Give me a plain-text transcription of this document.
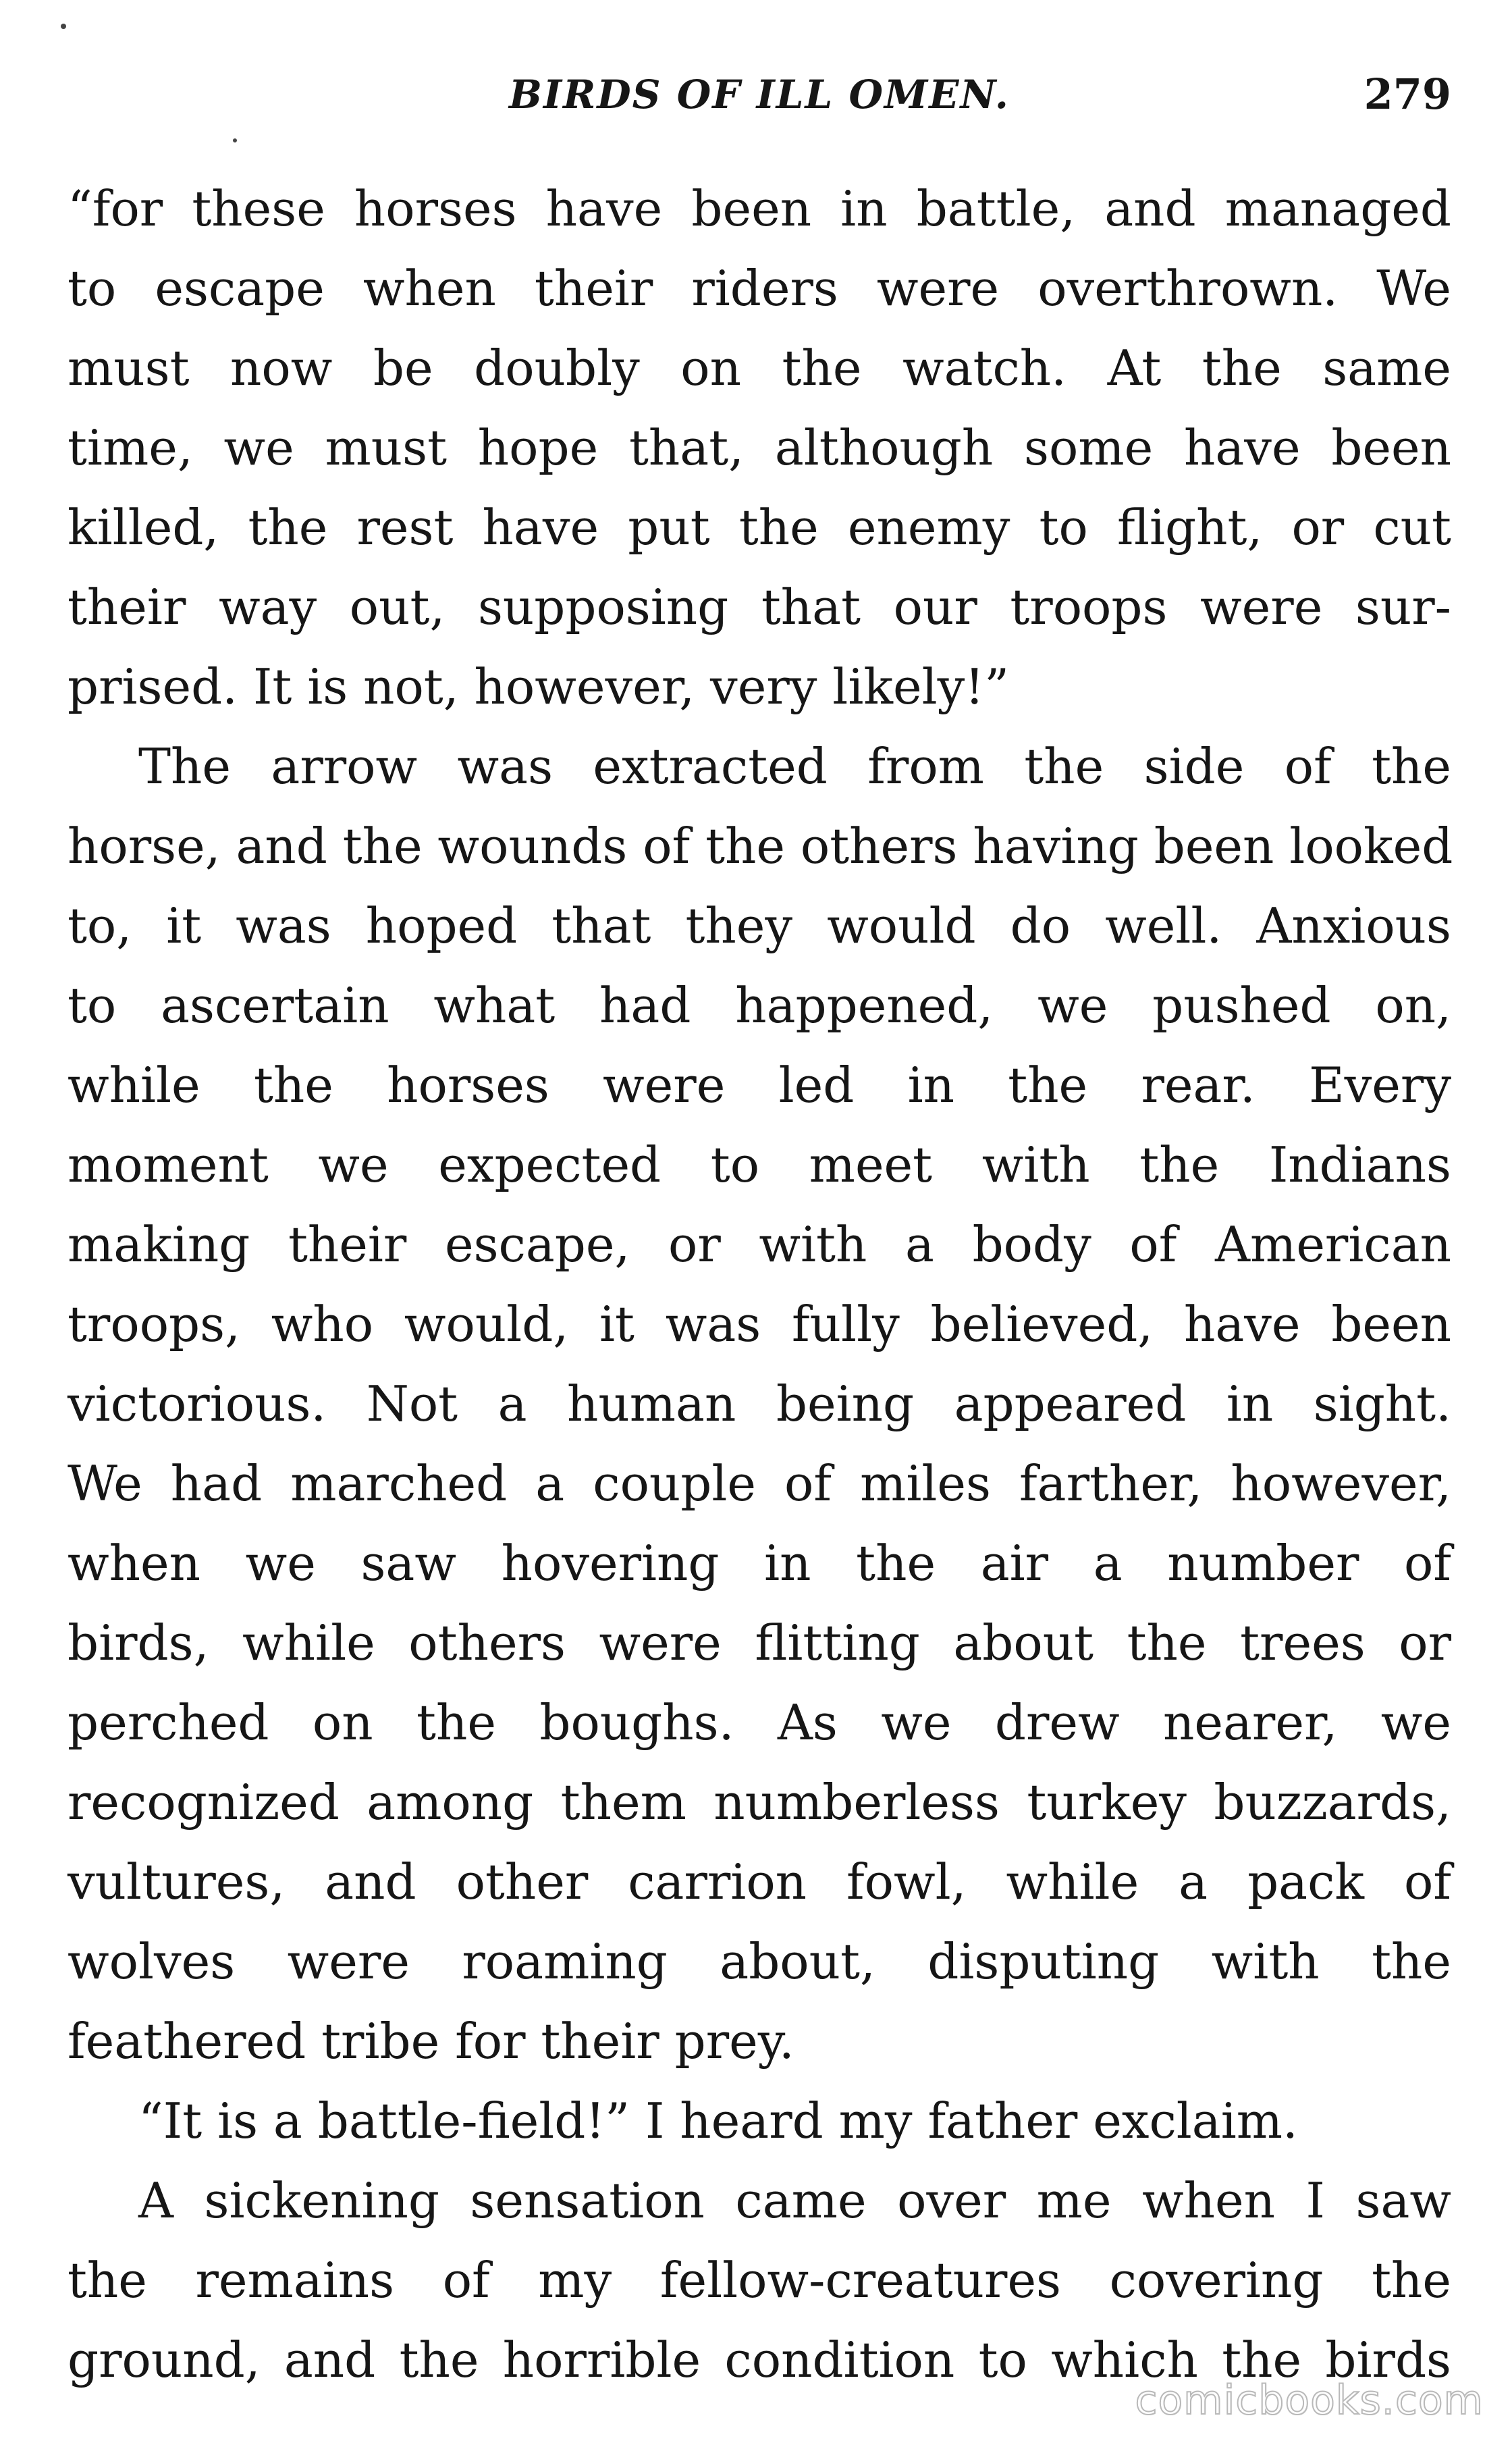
BIRDS OF ILL OMEN.	279
“for these horses have been in battle, and managed
to escape when their riders were overthrown. We
must now be doubly on the watch. At the same
time, we must hope that, although some have been
killed, the rest have put the enemy to flight, or cut
their way out, supposing that our troops were sur-
prised. It is not, however, very likely!”
The arrow was extracted from the side of the
horse, and the wounds of the others having been looked
to, it was hoped that they would do well. Anxious
to ascertain what had happened, we pushed on,
while the horses were led in the rear. Every
moment we expected to meet with the Indians
making their escape, or with a body of American
troops, who would, it was fully believed, have been
victorious. Not a human being appeared in sight.
We had marched a couple of miles farther, however,
when we saw hovering in the air a number of
birds, while others were flitting about the trees or
perched on the boughs. As we drew nearer, we
recognized among them numberless turkey buzzards,
vultures, and other carrion fowl, while a pack of
wolves were roaming about, disputing with the
feathered tribe for their prey.
“It is a battle-field!” I heard my father exclaim.
A sickening sensation came over me when I saw
the remains of my fellow-creatures covering the
ground, and the horrible condition to which the birds
comicbooks.com
